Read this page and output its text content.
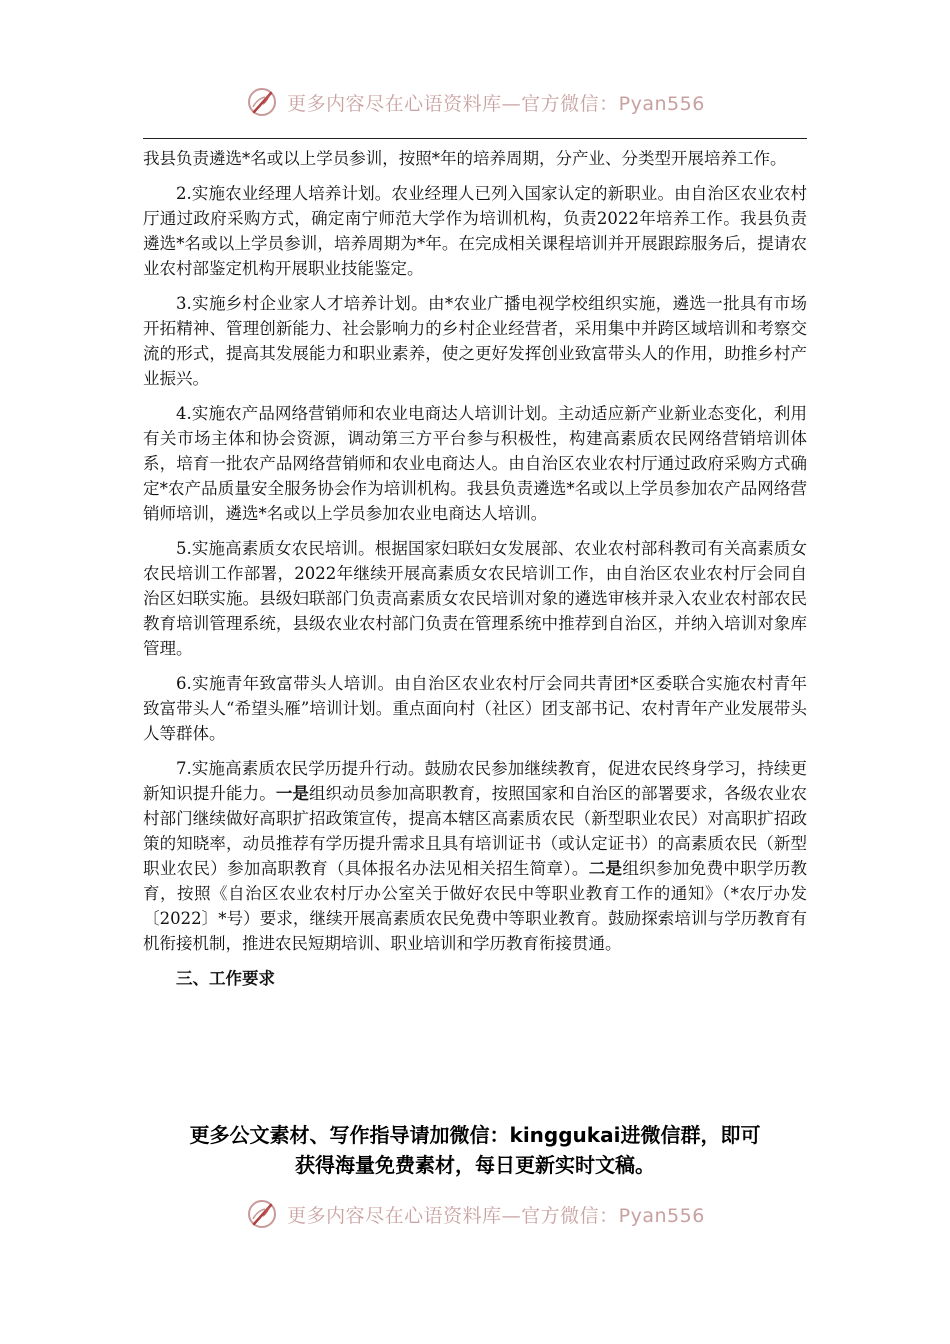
更多内容尽在心语资料库—官方微信：Pyan556

我县负责遴选*名或以上学员参训，按照*年的培养周期，分产业、分类型开展培养工作。

2.实施农业经理人培养计划。农业经理人已列入国家认定的新职业。由自治区农业农村厅通过政府采购方式，确定南宁师范大学作为培训机构，负责2022年培养工作。我县负责遴选*名或以上学员参训，培养周期为*年。在完成相关课程培训并开展跟踪服务后，提请农业农村部鉴定机构开展职业技能鉴定。

3.实施乡村企业家人才培养计划。由*农业广播电视学校组织实施，遴选一批具有市场开拓精神、管理创新能力、社会影响力的乡村企业经营者，采用集中并跨区域培训和考察交流的形式，提高其发展能力和职业素养，使之更好发挥创业致富带头人的作用，助推乡村产业振兴。

4.实施农产品网络营销师和农业电商达人培训计划。主动适应新产业新业态变化，利用有关市场主体和协会资源，调动第三方平台参与积极性，构建高素质农民网络营销培训体系，培育一批农产品网络营销师和农业电商达人。由自治区农业农村厅通过政府采购方式确定*农产品质量安全服务协会作为培训机构。我县负责遴选*名或以上学员参加农产品网络营销师培训，遴选*名或以上学员参加农业电商达人培训。

5.实施高素质女农民培训。根据国家妇联妇女发展部、农业农村部科教司有关高素质女农民培训工作部署，2022年继续开展高素质女农民培训工作，由自治区农业农村厅会同自治区妇联实施。县级妇联部门负责高素质女农民培训对象的遴选审核并录入农业农村部农民教育培训管理系统，县级农业农村部门负责在管理系统中推荐到自治区，并纳入培训对象库管理。

6.实施青年致富带头人培训。由自治区农业农村厅会同共青团*区委联合实施农村青年致富带头人“希望头雁”培训计划。重点面向村（社区）团支部书记、农村青年产业发展带头人等群体。

7.实施高素质农民学历提升行动。鼓励农民参加继续教育，促进农民终身学习，持续更新知识提升能力。一是组织动员参加高职教育，按照国家和自治区的部署要求，各级农业农村部门继续做好高职扩招政策宣传，提高本辖区高素质农民（新型职业农民）对高职扩招政策的知晓率，动员推荐有学历提升需求且具有培训证书（或认定证书）的高素质农民（新型职业农民）参加高职教育（具体报名办法见相关招生简章）。二是组织参加免费中职学历教育，按照《自治区农业农村厅办公室关于做好农民中等职业教育工作的通知》（*农厅办发〔2022〕*号）要求，继续开展高素质农民免费中等职业教育。鼓励探索培训与学历教育有机衔接机制，推进农民短期培训、职业培训和学历教育衔接贯通。

三、工作要求

更多公文素材、写作指导请加微信：kinggukai进微信群，即可
获得海量免费素材，每日更新实时文稿。
更多内容尽在心语资料库—官方微信：Pyan556
